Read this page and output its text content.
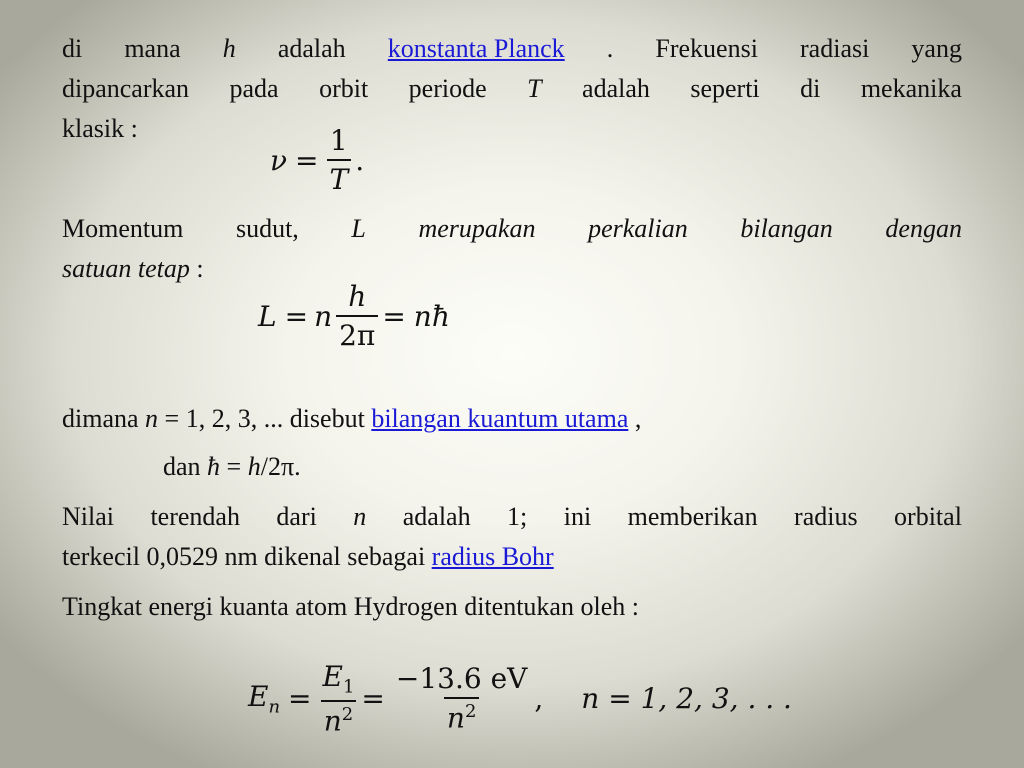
di mana h adalah konstanta Planck . Frekuensi radiasi yang
dipancarkan pada orbit periode T adalah seperti di mekanika
klasik :
$\nu = \frac{1}{T}$ .
Momentum sudut, L merupakan perkalian bilangan dengan
satuan tetap :
L = n $\frac{h}{2\pi}$ = nħ
dimana n = 1, 2, 3, ... disebut bilangan kuantum utama ,
dan ħ = h/2π.
Nilai terendah dari n adalah 1; ini memberikan radius orbital
terkecil 0,0529 nm dikenal sebagai radius Bohr
Tingkat energi kuanta atom Hydrogen ditentukan oleh :
$E_n = \frac{E_1}{n^2} = \frac{-13.6 eV}{n^2}$ , n = 1, 2, 3, . . .
